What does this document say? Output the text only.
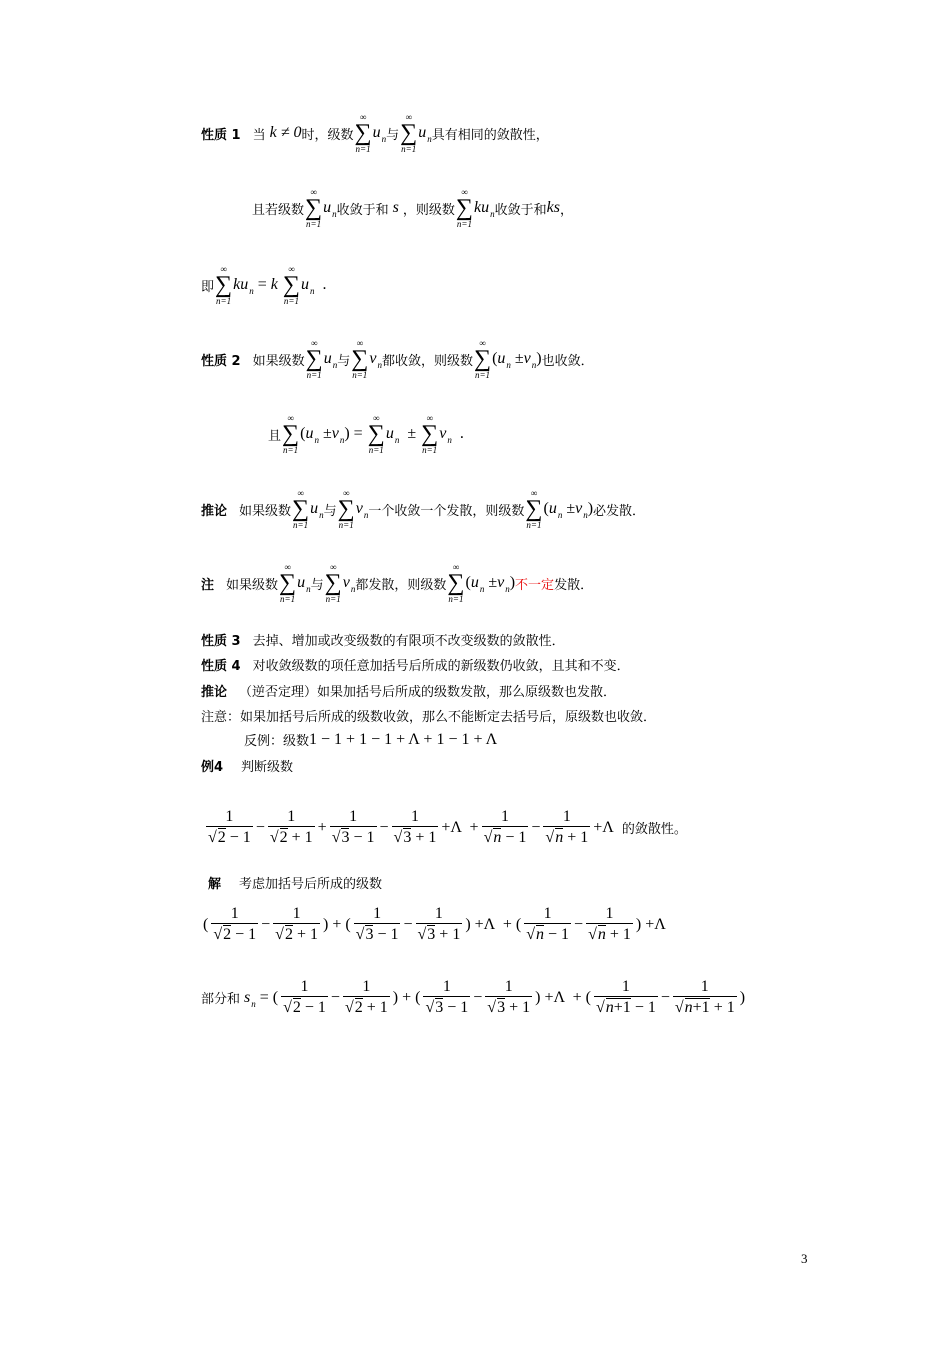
性质 1 当 k ≠ 0 时，级数
∞
∑
n=1
$u_n$ 与
∞
∑
n=1
$u_n$ 具有相同的敛散性，
且若级数
∞
∑
n=1
$u_n$ 收敛于和 s ，则级数
∞
∑
n=1
$ku_n$ 收敛于和 ks ，
即
∞
∑
n=1
$ku_n = k$
∞
∑
n=1
$u_n$ .
性质 2 如果级数
∞
∑
n=1
$u_n$ 与
∞
∑
n=1
$v_n$ 都收敛，则级数
∞
∑
n=1
$(u_n \pm v_n)$ 也收敛．
且
∞
∑
n=1
$(u_n \pm v_n)$ =
∞
∑
n=1
$u_n$ ±
∞
∑
n=1
$v_n$ .
推论 如果级数
∞
∑
n=1
$u_n$ 与
∞
∑
n=1
$v_n$ 一个收敛一个发散，则级数
∞
∑
n=1
$(u_n \pm v_n)$ 必发散．
注 如果级数
∞
∑
n=1
$u_n$ 与
∞
∑
n=1
$v_n$ 都发散，则级数
∞
∑
n=1
$(u_n \pm v_n)$ 不一定 发散．
性质 3 去掉、增加或改变级数的有限项不改变级数的敛散性．
性质 4 对收敛级数的项任意加括号后所成的新级数仍收敛，且其和不变．
推论 （逆否定理）如果加括号后所成的级数发散，那么原级数也发散．
注意：如果加括号后所成的级数收敛，那么不能断定去括号后，原级数也收敛．
反例：级数 1 − 1 + 1 − 1 + Λ + 1 − 1 + Λ
例4 判断级数
$\frac{1}{√2 - 1} - \frac{1}{√2 + 1} + \frac{1}{√3 - 1} - \frac{1}{√3 + 1} +\Lambda + \frac{1}{√n - 1} - \frac{1}{√n + 1} +\Lambda$ 的敛散性。
解 考虑加括号后所成的级数
( $\frac{1}{√2 - 1} - \frac{1}{√2 + 1}$ ) + ( $\frac{1}{√3 - 1} - \frac{1}{√3 + 1}$ ) +Λ  + ( $\frac{1}{√n - 1} - \frac{1}{√n + 1}$ ) +Λ
部分和 $s_n$ = ( $\frac{1}{√2 - 1} - \frac{1}{√2 + 1}$ ) + ( $\frac{1}{√3 - 1} - \frac{1}{√3 + 1}$ ) +Λ  + ( $\frac{1}{√n+1 - 1} - \frac{1}{√n+1 + 1}$ )
3
